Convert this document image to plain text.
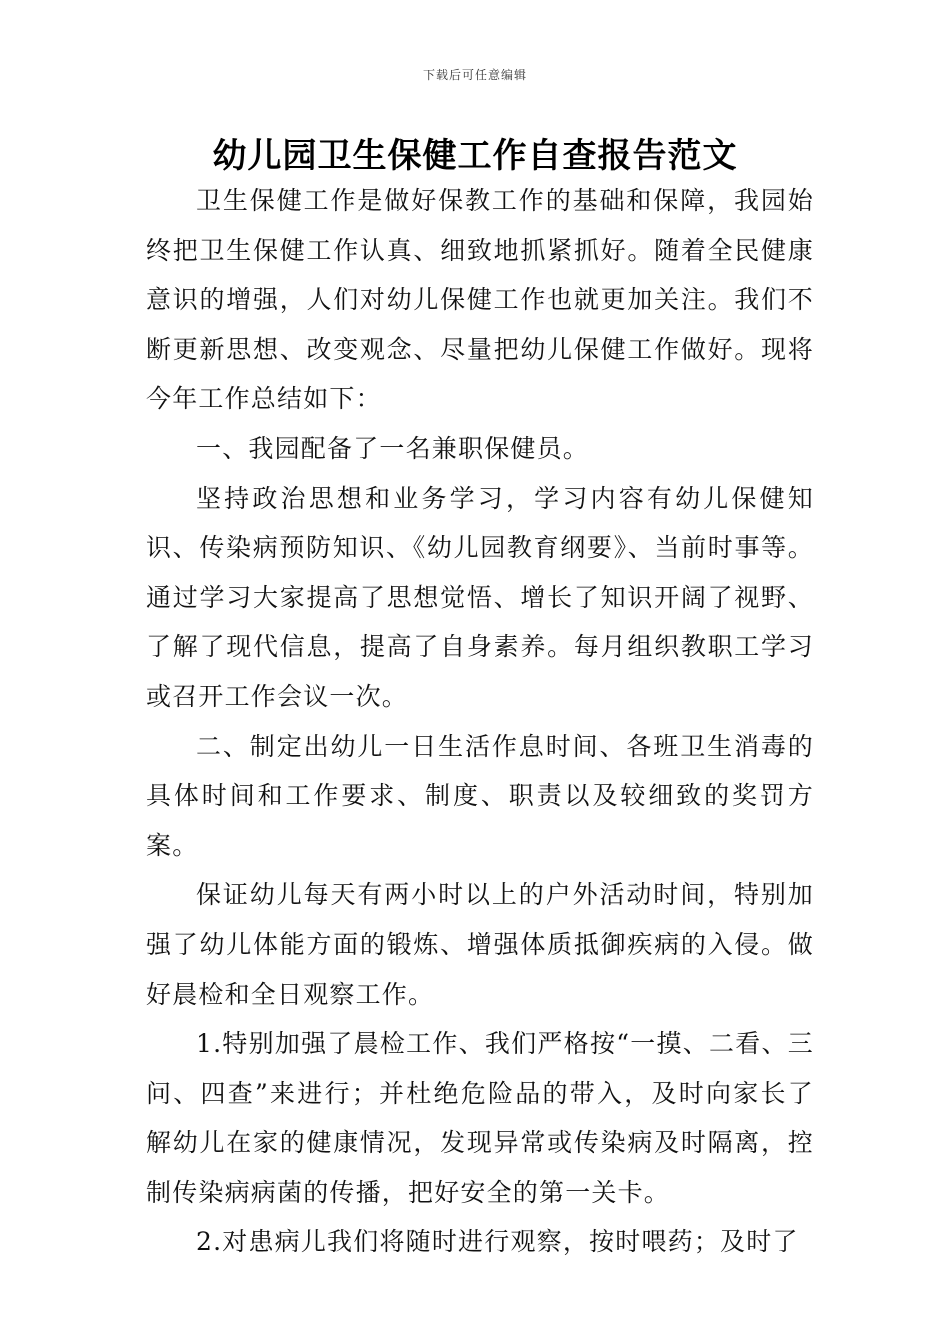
下载后可任意编辑
幼儿园卫生保健工作自查报告范文

卫生保健工作是做好保教工作的基础和保障，我园始终把卫生保健工作认真、细致地抓紧抓好。随着全民健康意识的增强，人们对幼儿保健工作也就更加关注。我们不断更新思想、改变观念、尽量把幼儿保健工作做好。现将今年工作总结如下：

一、我园配备了一名兼职保健员。

坚持政治思想和业务学习，学习内容有幼儿保健知识、传染病预防知识、《幼儿园教育纲要》、当前时事等。通过学习大家提高了思想觉悟、增长了知识开阔了视野、了解了现代信息，提高了自身素养。每月组织教职工学习或召开工作会议一次。

二、制定出幼儿一日生活作息时间、各班卫生消毒的具体时间和工作要求、制度、职责以及较细致的奖罚方案。

保证幼儿每天有两小时以上的户外活动时间，特别加强了幼儿体能方面的锻炼、增强体质抵御疾病的入侵。做好晨检和全日观察工作。

1.特别加强了晨检工作、我们严格按“一摸、二看、三问、四查”来进行；并杜绝危险品的带入，及时向家长了解幼儿在家的健康情况，发现异常或传染病及时隔离，控制传染病病菌的传播，把好安全的第一关卡。

2.对患病儿我们将随时进行观察，按时喂药；及时了
